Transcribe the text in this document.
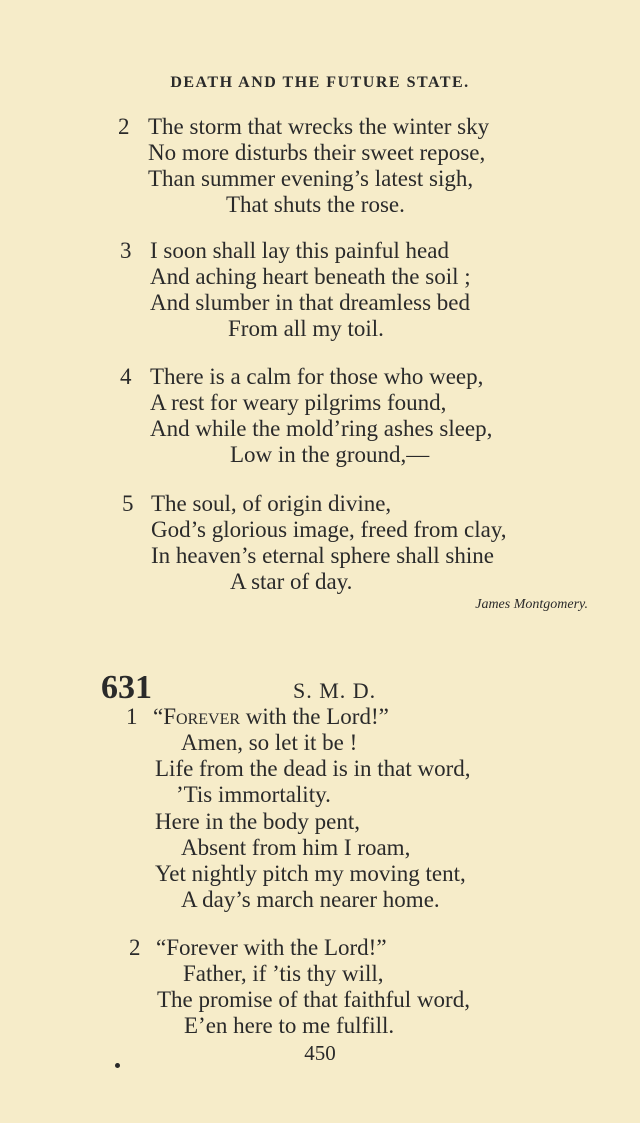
DEATH AND THE FUTURE STATE.
2 The storm that wrecks the winter sky
No more disturbs their sweet repose,
Than summer evening’s latest sigh,
That shuts the rose.
3 I soon shall lay this painful head
And aching heart beneath the soil ;
And slumber in that dreamless bed
From all my toil.
4 There is a calm for those who weep,
A rest for weary pilgrims found,
And while the mold’ring ashes sleep,
Low in the ground,—
5 The soul, of origin divine,
God’s glorious image, freed from clay,
In heaven’s eternal sphere shall shine
A star of day.
James Montgomery.
631	S. M. D.
1 “Forever with the Lord!”
Amen, so let it be !
Life from the dead is in that word,
’Tis immortality.
Here in the body pent,
Absent from him I roam,
Yet nightly pitch my moving tent,
A day’s march nearer home.
2 “Forever with the Lord!”
Father, if ’tis thy will,
The promise of that faithful word,
E’en here to me fulfill.
450
